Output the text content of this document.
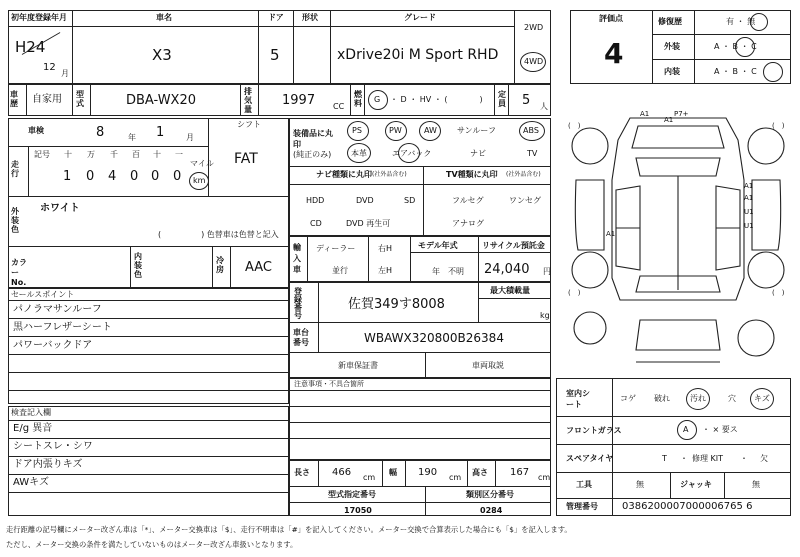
初年度登録年月
H24
12
月
車名
X3
ドア
5
形状	グレード
xDrive20i M Sport RHD
2WD
4WD
評価点
4
修復歴	有 ・ 無
外装	A ・ B ・ C
内装	A ・ B ・ C
車歴 自家用 型式	DBA-WX20
排気量
1997 CC
燃料 G ・ D ・ HV ・ (　　　　)
定員 5 人
車検	8	年 1	月
シフト
FAT
走行
記号 十 万 千 百 十 一
1 0 4 0 0 0
マイル
km
外装色
ホワイト
(　　　　　) 色替車は色替と記入
カラーNo.
内装色
冷房 AAC
装備品に丸印
(純正のみ)
PS	PW	AW	サンルーフ	ABS
本革	エアバック	ナビ	TV
ナビ種類に丸印 (社外品含む)
HDD	DVD	SD
CD	DVD 再生可
TV種類に丸印 (社外品含む)
フルセグ	ワンセグ
アナログ
輸入車
ディーラー
並行
右H
左H
モデル年式
年　不明
リサイクル預託金
24,040 円
セールスポイント
パノラマサンルーフ
黒ハーフレザーシート
パワーバックドア
登録番号
佐賀349す8008
最大積載量
kg
車台番号	WBAWX320800B26384
新車保証書	車両取説
注意事項・不具合箇所
検査記入欄
E/g 異音
シートスレ・シワ
ドア内張りキズ
AWキズ
長さ 466 cm
幅 190 cm
高さ 167 cm
型式指定番号
17050
類別区分番号
0284
(　)	(　)
(　)	(　)
A1
A1
P7+
A1
A1
U1
U1
A1
室内シート
コゲ 破れ	汚れ	穴 キズ
フロントガラス	A ・ × 要ス
スペアタイヤ	T ・ 修理 KIT ・ 欠
工具	無	ジャッキ	無
管理番号 0386200007000006765 6
走行距離の記号欄にメーター改ざん車は「*」、メーター交換車は「$」、走行不明車は「#」を記入してください。メーター交換で合算表示した場合にも「$」を記入します。
ただし、メーター交換の条件を満たしていないものはメーター改ざん車扱いとなります。
